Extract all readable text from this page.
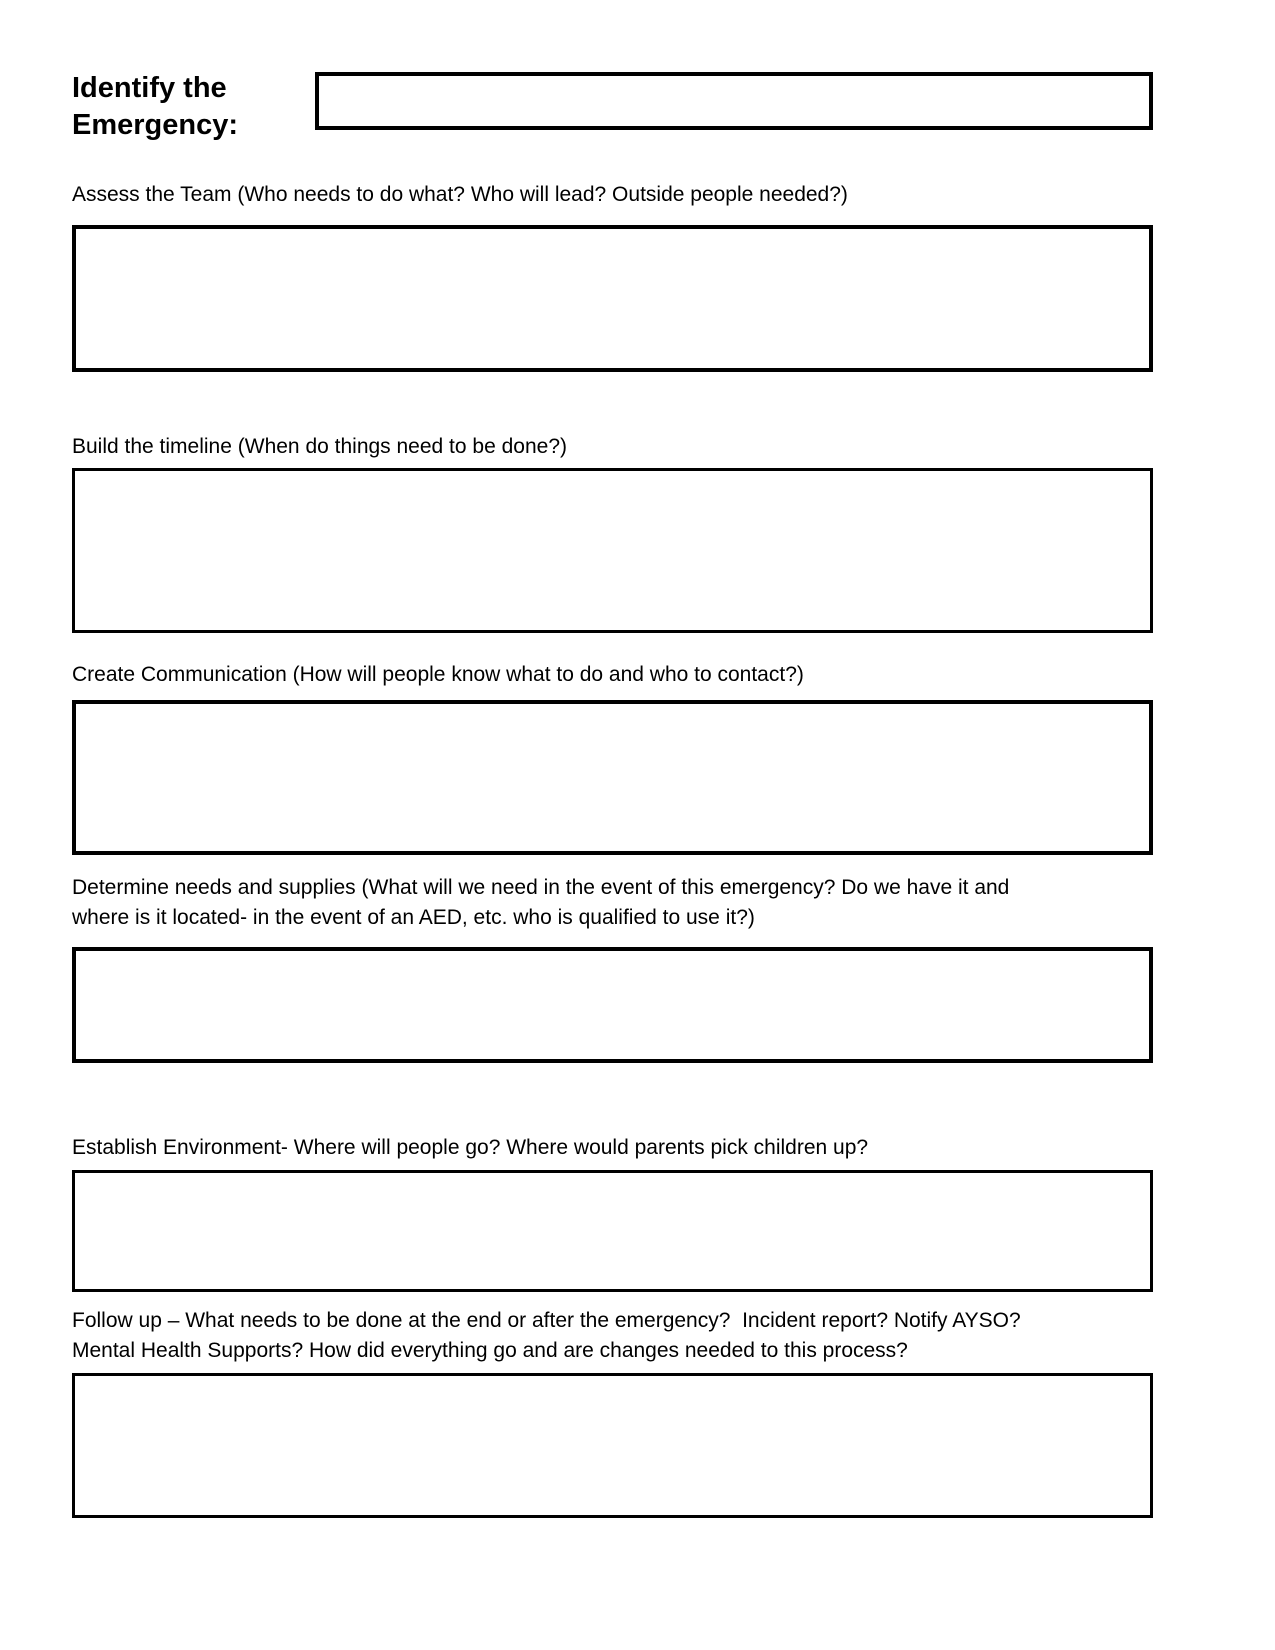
Identify the Emergency:

Assess the Team (Who needs to do what? Who will lead? Outside people needed?)

Build the timeline (When do things need to be done?)

Create Communication (How will people know what to do and who to contact?)

Determine needs and supplies (What will we need in the event of this emergency? Do we have it and where is it located- in the event of an AED, etc. who is qualified to use it?)

Establish Environment- Where will people go? Where would parents pick children up?

Follow up – What needs to be done at the end or after the emergency?  Incident report? Notify AYSO? Mental Health Supports? How did everything go and are changes needed to this process?
